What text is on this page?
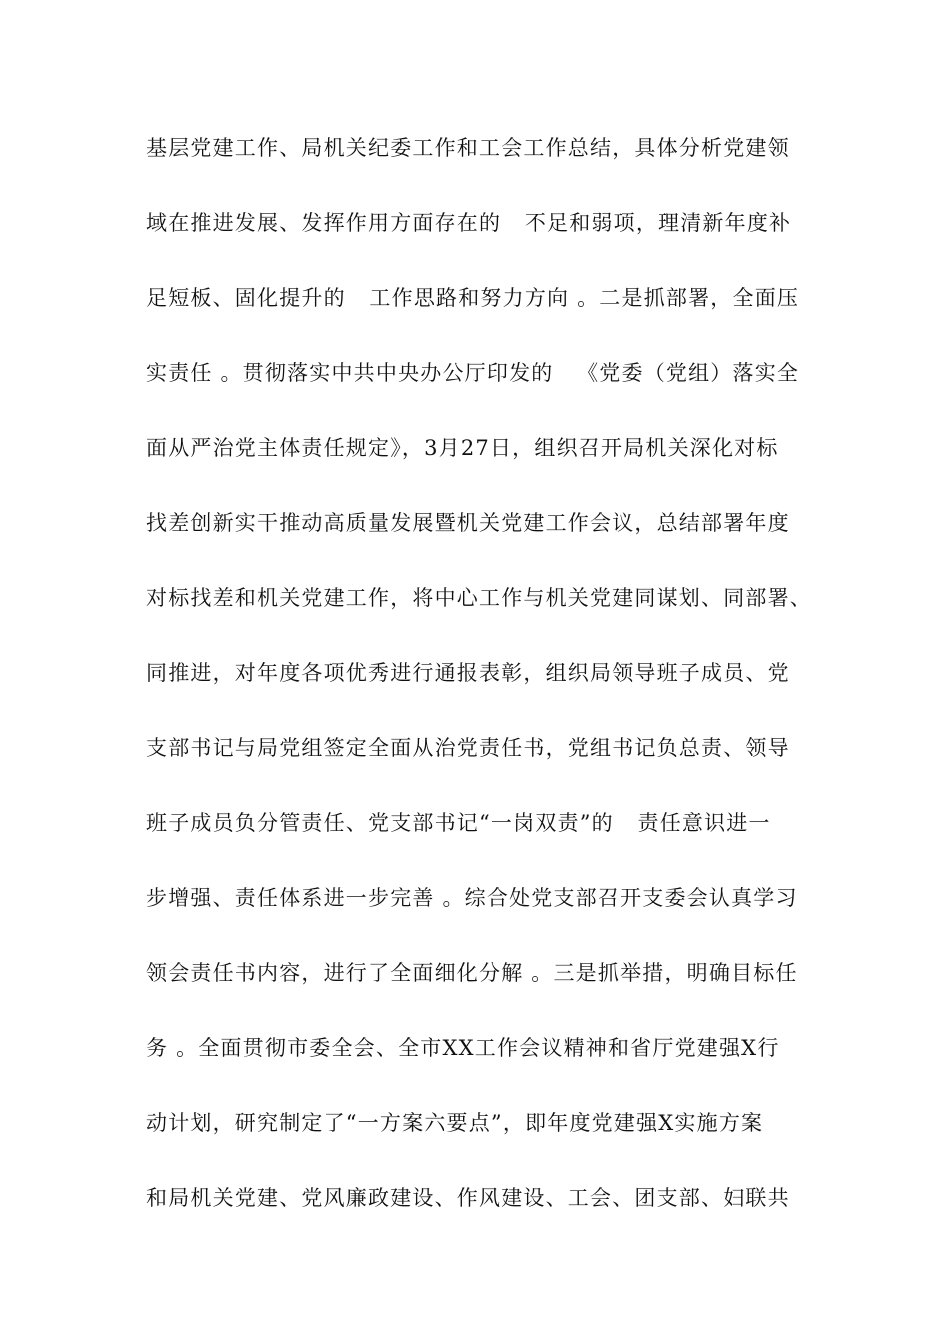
基层党建工作、局机关纪委工作和工会工作总结，具体分析党建领
域在推进发展、发挥作用方面存在的   不足和弱项，理清新年度补
足短板、固化提升的   工作思路和努力方向 。二是抓部署，全面压
实责任 。贯彻落实中共中央办公厅印发的   《党委（党组）落实全
面从严治党主体责任规定》，3月27日，组织召开局机关深化对标
找差创新实干推动高质量发展暨机关党建工作会议，总结部署年度
对标找差和机关党建工作，将中心工作与机关党建同谋划、同部署、
同推进，对年度各项优秀进行通报表彰，组织局领导班子成员、党
支部书记与局党组签定全面从治党责任书，党组书记负总责、领导
班子成员负分管责任、党支部书记“一岗双责”的   责任意识进一
步增强、责任体系进一步完善 。综合处党支部召开支委会认真学习
领会责任书内容，进行了全面细化分解 。三是抓举措，明确目标任
务 。全面贯彻市委全会、全市XX工作会议精神和省厅党建强X行
动计划，研究制定了“一方案六要点”，即年度党建强X实施方案
和局机关党建、党风廉政建设、作风建设、工会、团支部、妇联共
